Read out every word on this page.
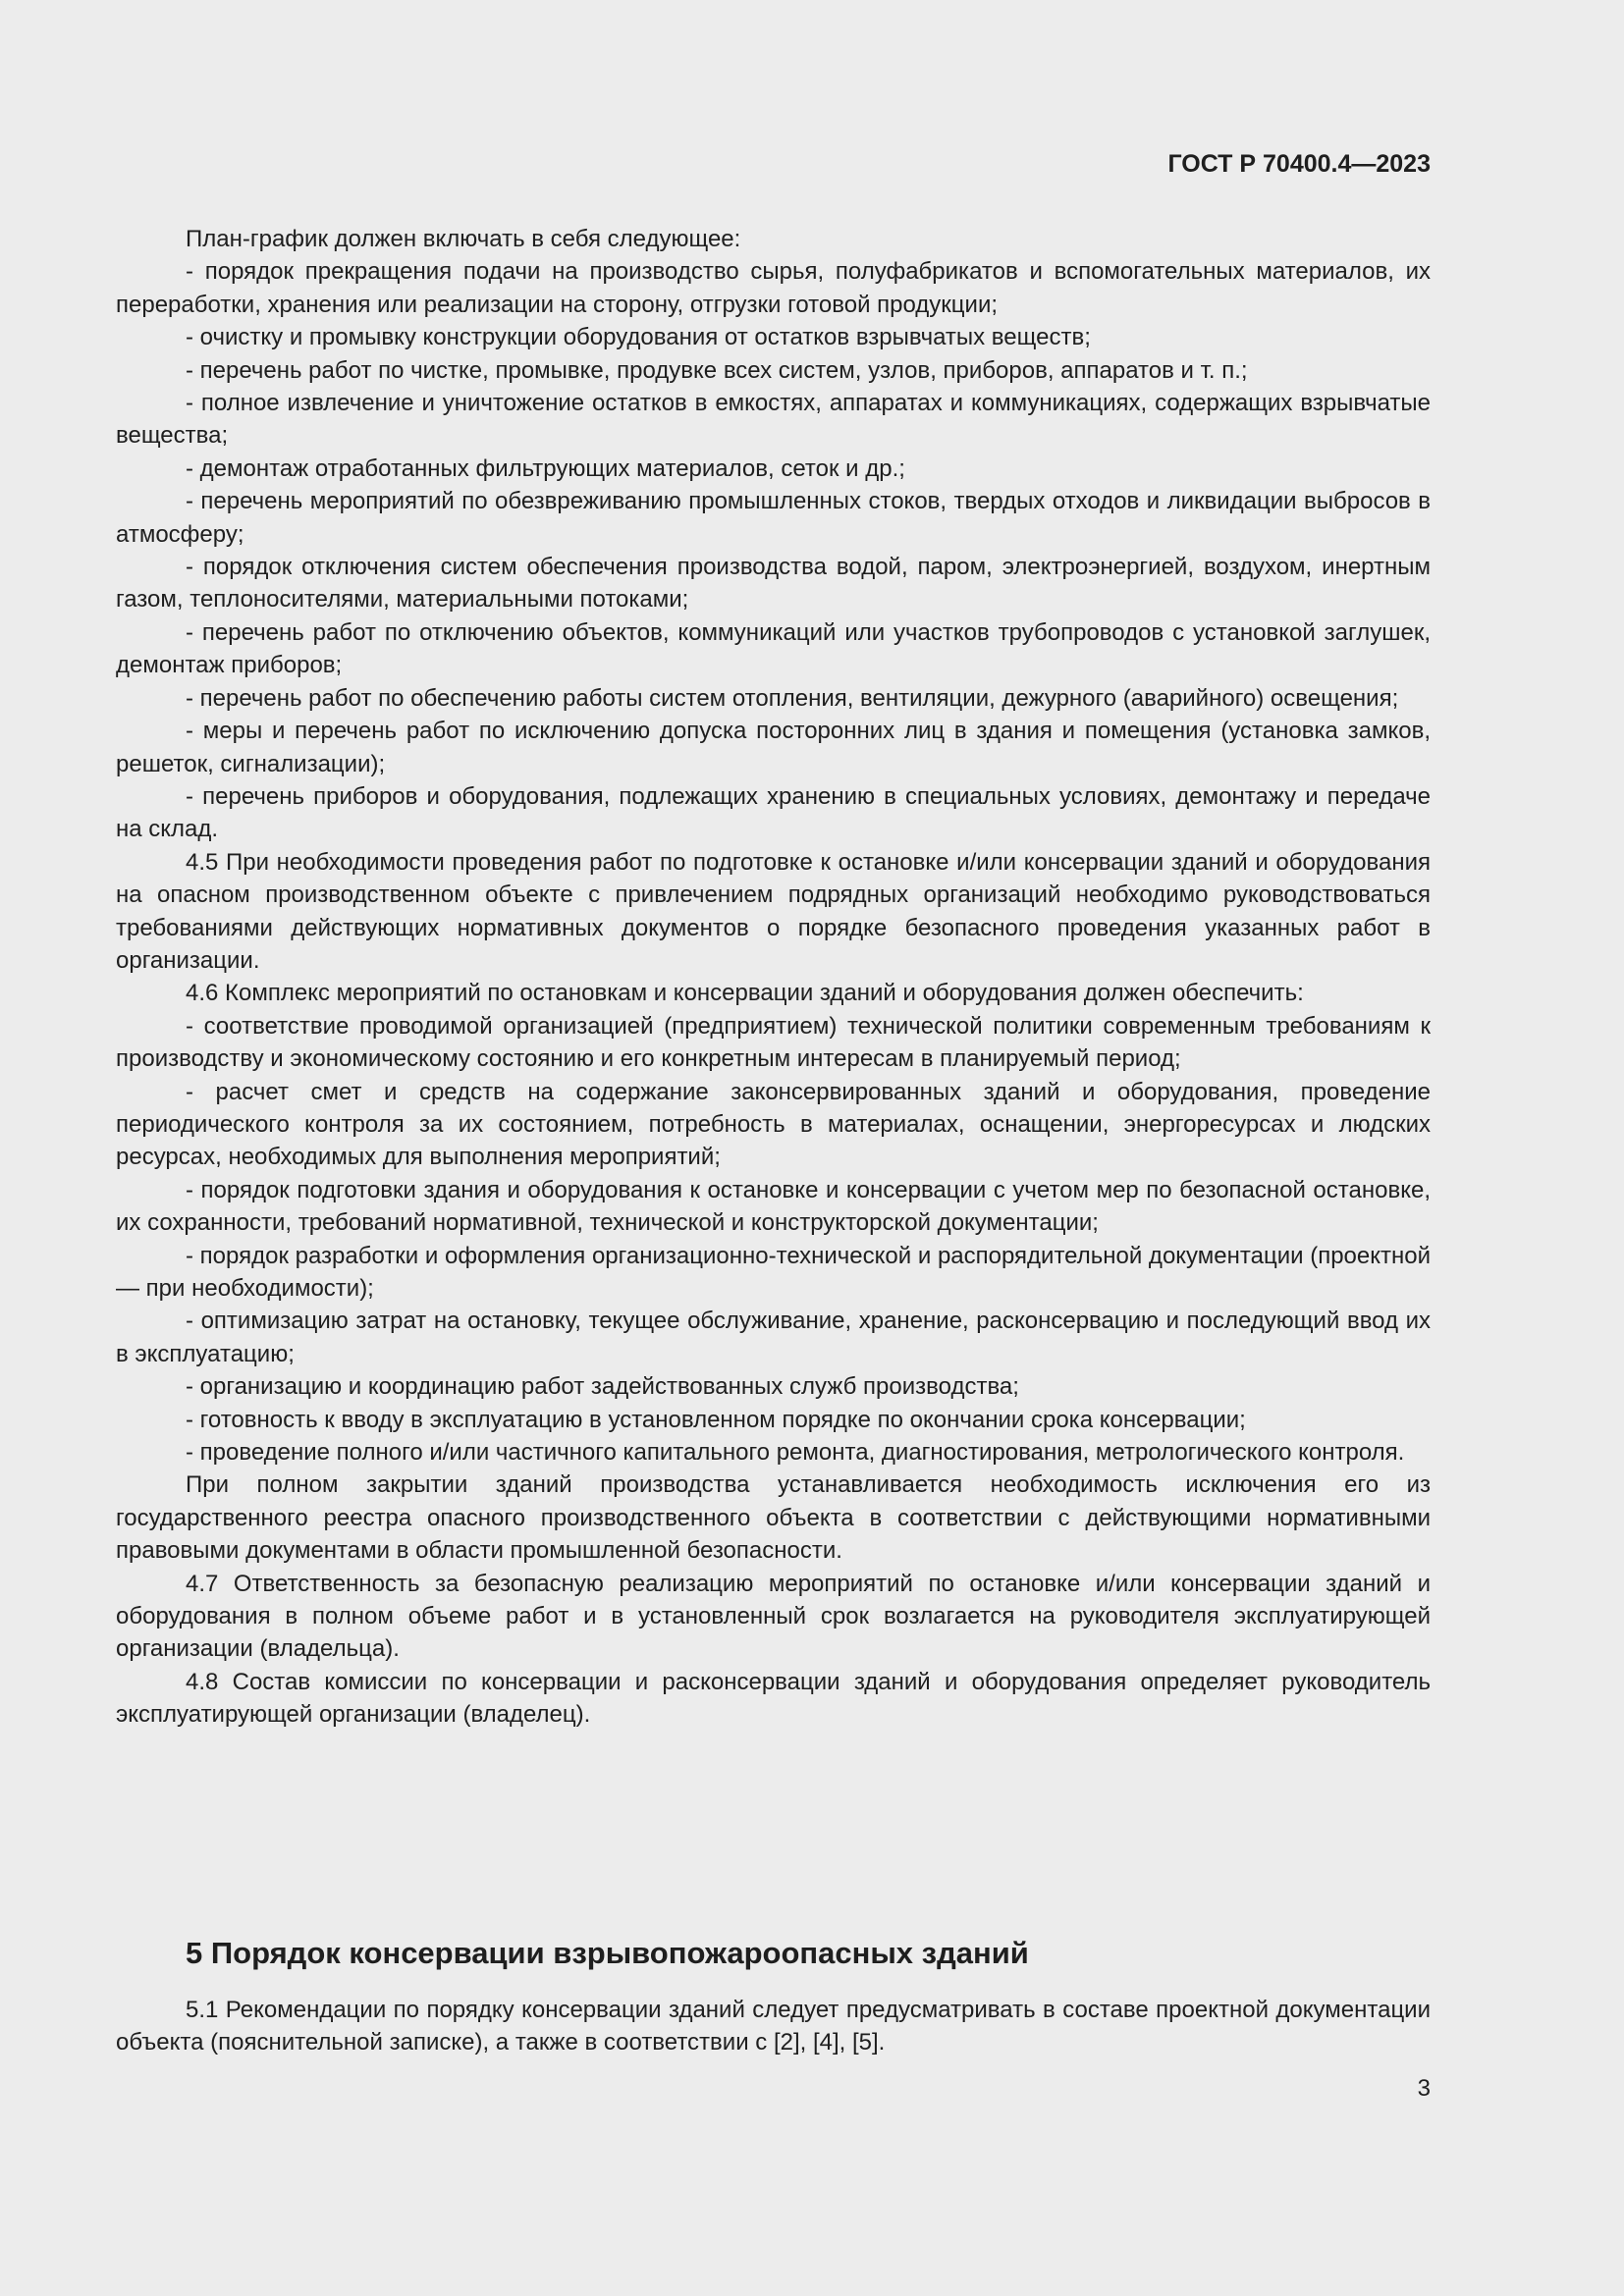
ГОСТ Р 70400.4—2023

План-график должен включать в себя следующее:

- порядок прекращения подачи на производство сырья, полуфабрикатов и вспомогательных материалов, их переработки, хранения или реализации на сторону, отгрузки готовой продукции;

- очистку и промывку конструкции оборудования от остатков взрывчатых веществ;

- перечень работ по чистке, промывке, продувке всех систем, узлов, приборов, аппаратов и т. п.;

- полное извлечение и уничтожение остатков в емкостях, аппаратах и коммуникациях, содержащих взрывчатые вещества;

- демонтаж отработанных фильтрующих материалов, сеток и др.;

- перечень мероприятий по обезвреживанию промышленных стоков, твердых отходов и ликвидации выбросов в атмосферу;

- порядок отключения систем обеспечения производства водой, паром, электроэнергией, воздухом, инертным газом, теплоносителями, материальными потоками;

- перечень работ по отключению объектов, коммуникаций или участков трубопроводов с установкой заглушек, демонтаж приборов;

- перечень работ по обеспечению работы систем отопления, вентиляции, дежурного (аварийного) освещения;

- меры и перечень работ по исключению допуска посторонних лиц в здания и помещения (установка замков, решеток, сигнализации);

- перечень приборов и оборудования, подлежащих хранению в специальных условиях, демонтажу и передаче на склад.

4.5 При необходимости проведения работ по подготовке к остановке и/или консервации зданий и оборудования на опасном производственном объекте с привлечением подрядных организаций необходимо руководствоваться требованиями действующих нормативных документов о порядке безопасного проведения указанных работ в организации.

4.6 Комплекс мероприятий по остановкам и консервации зданий и оборудования должен обеспечить:

- соответствие проводимой организацией (предприятием) технической политики современным требованиям к производству и экономическому состоянию и его конкретным интересам в планируемый период;

- расчет смет и средств на содержание законсервированных зданий и оборудования, проведение периодического контроля за их состоянием, потребность в материалах, оснащении, энергоресурсах и людских ресурсах, необходимых для выполнения мероприятий;

- порядок подготовки здания и оборудования к остановке и консервации с учетом мер по безопасной остановке, их сохранности, требований нормативной, технической и конструкторской документации;

- порядок разработки и оформления организационно-технической и распорядительной документации (проектной — при необходимости);

- оптимизацию затрат на остановку, текущее обслуживание, хранение, расконсервацию и последующий ввод их в эксплуатацию;

- организацию и координацию работ задействованных служб производства;

- готовность к вводу в эксплуатацию в установленном порядке по окончании срока консервации;

- проведение полного и/или частичного капитального ремонта, диагностирования, метрологического контроля.

При полном закрытии зданий производства устанавливается необходимость исключения его из государственного реестра опасного производственного объекта в соответствии с действующими нормативными правовыми документами в области промышленной безопасности.

4.7 Ответственность за безопасную реализацию мероприятий по остановке и/или консервации зданий и оборудования в полном объеме работ и в установленный срок возлагается на руководителя эксплуатирующей организации (владельца).

4.8 Состав комиссии по консервации и расконсервации зданий и оборудования определяет руководитель эксплуатирующей организации (владелец).

5 Порядок консервации взрывопожароопасных зданий

5.1 Рекомендации по порядку консервации зданий следует предусматривать в составе проектной документации объекта (пояснительной записке), а также в соответствии с [2], [4], [5].

3
